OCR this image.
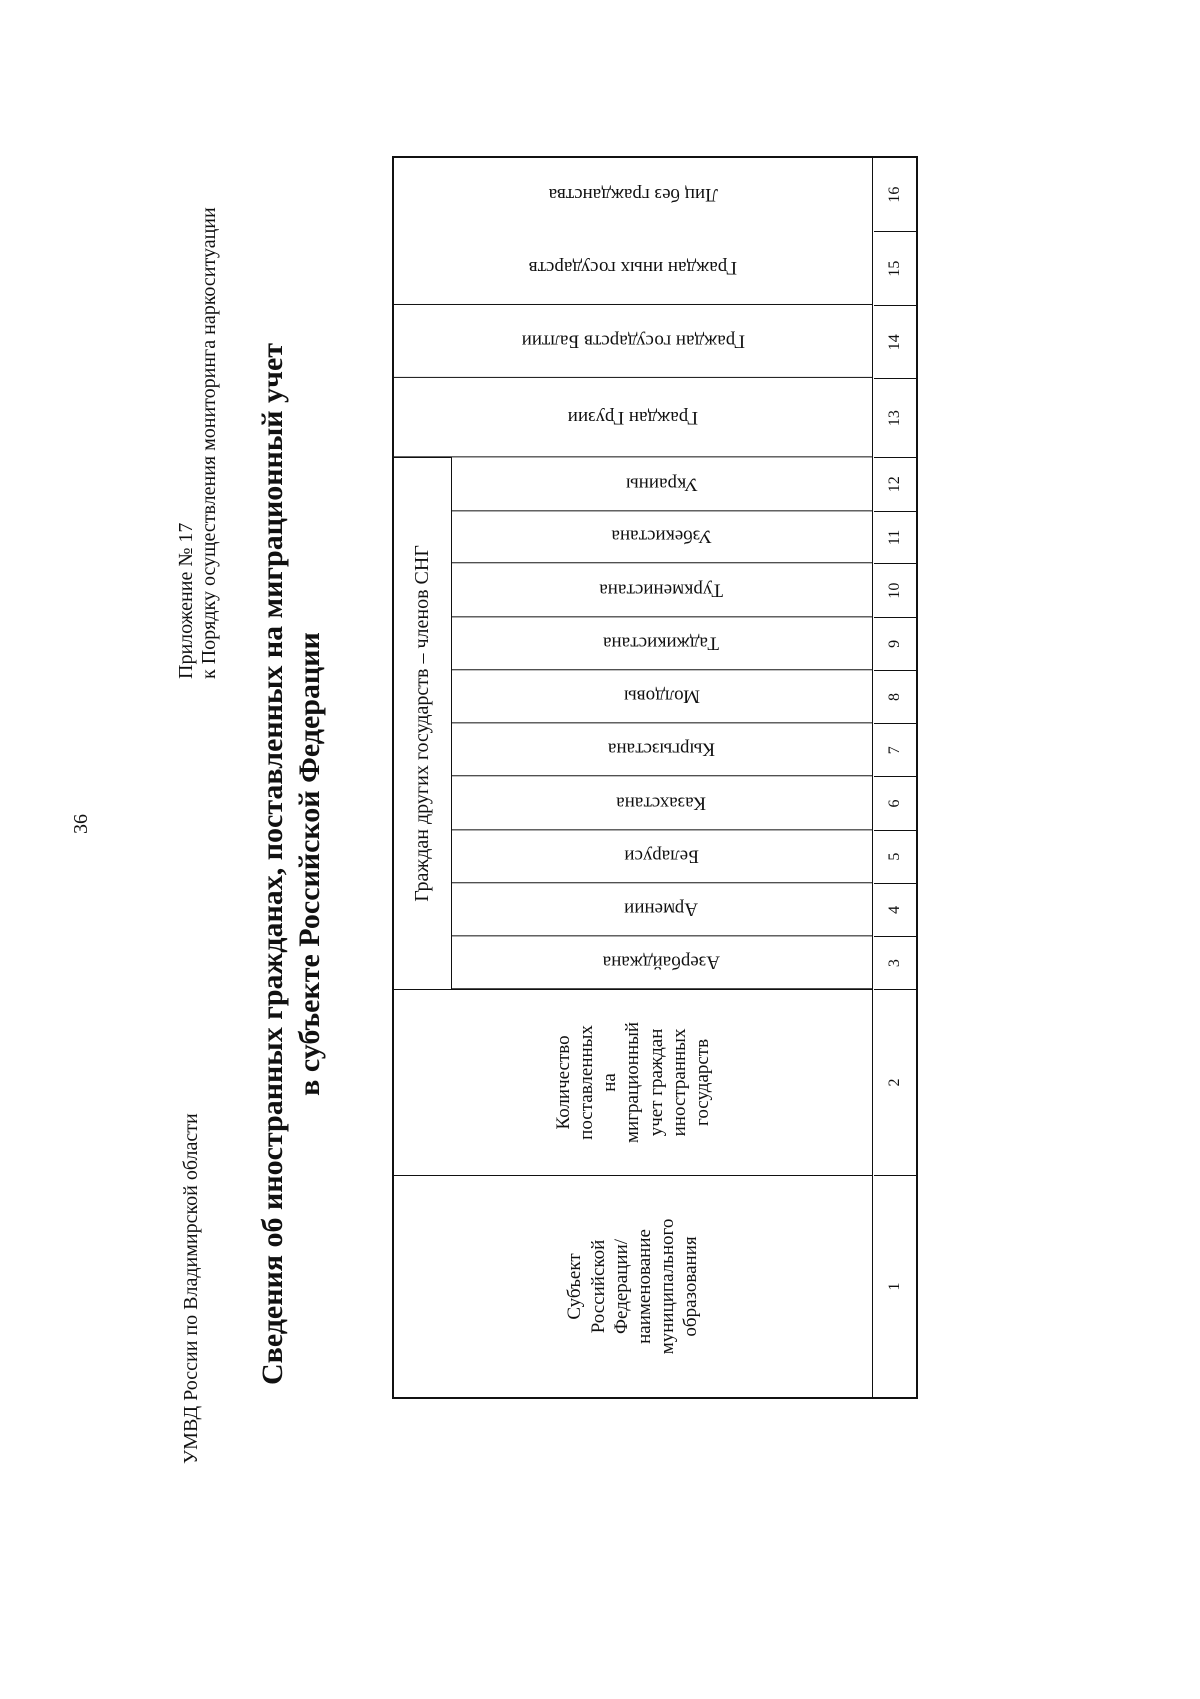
36
УМВД России по Владимирской области
Приложение № 17 к Порядку осуществления мониторинга наркоситуации Сведения об иностранных гражданах, поставленных на миграционный учет в субъекте Российской Федерации
Субъект Российской Федерации/ наименование муниципального образования
Количество поставленных на миграционный учет граждан иностранных государств
Граждан других государств – членов СНГ
Азербайджана
Армении
Беларуси
Казахстана
Кыргызстана
Молдовы
Таджикистана
Туркменистана
Узбекистана
Украины
Граждан Грузии
Граждан государств Балтии
Граждан иных государств
Лиц без гражданства
1
2
3
4
5
6
7
8
9
10
11
12
13
14
15
16
